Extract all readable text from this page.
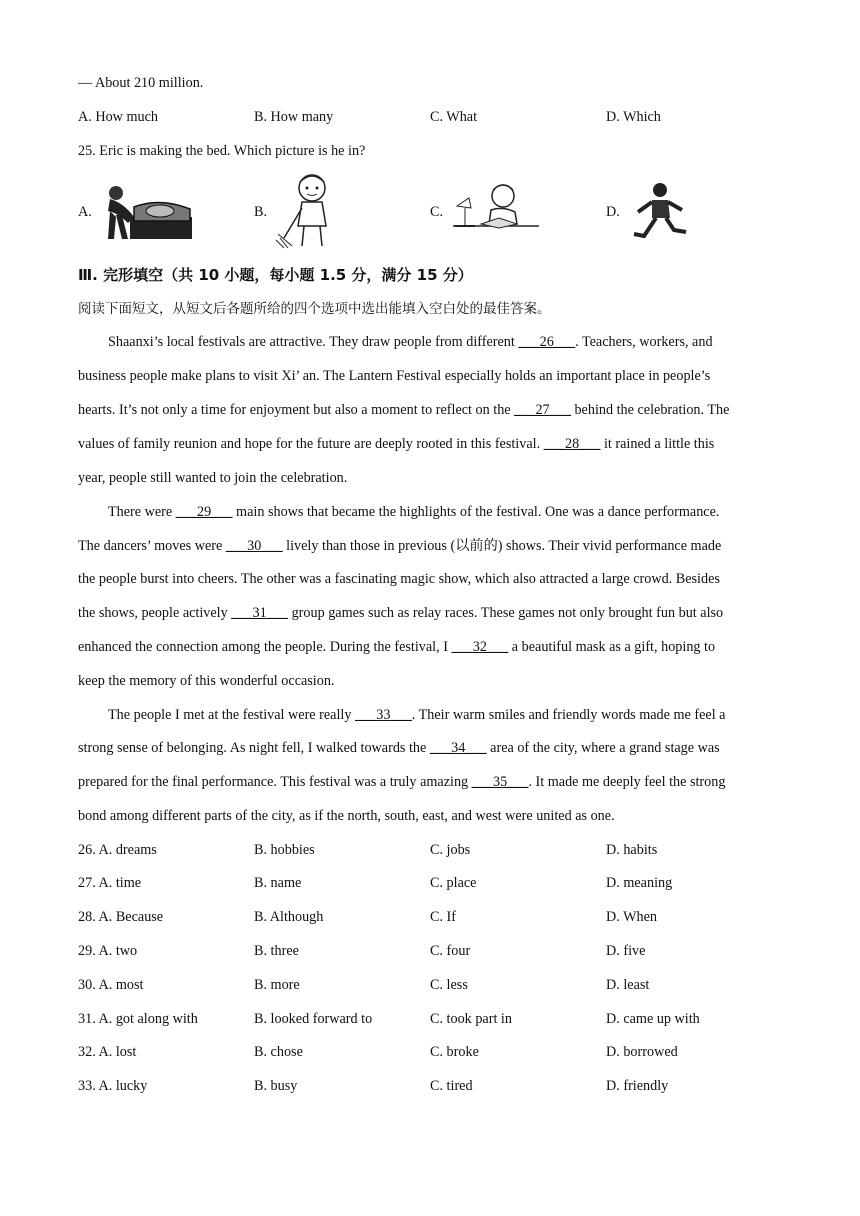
— About 210 million.
A. How much	B. How many	C. What	D. Which
25. Eric is making the bed. Which picture is he in?
A.	B.	C.	D.
Ⅲ. 完形填空（共 10 小题，每小题 1.5 分，满分 15 分）
阅读下面短文，从短文后各题所给的四个选项中选出能填入空白处的最佳答案。
Shaanxi’s local festivals are attractive. They draw people from different ___26___. Teachers, workers, and
business people make plans to visit Xi’ an. The Lantern Festival especially holds an important place in people’s
hearts. It’s not only a time for enjoyment but also a moment to reflect on the ___27___ behind the celebration. The
values of family reunion and hope for the future are deeply rooted in this festival. ___28___ it rained a little this
year, people still wanted to join the celebration.
There were ___29___ main shows that became the highlights of the festival. One was a dance performance.
The dancers’ moves were ___30___ lively than those in previous (以前的) shows. Their vivid performance made
the people burst into cheers. The other was a fascinating magic show, which also attracted a large crowd. Besides
the shows, people actively ___31___ group games such as relay races. These games not only brought fun but also
enhanced the connection among the people. During the festival, I ___32___ a beautiful mask as a gift, hoping to
keep the memory of this wonderful occasion.
The people I met at the festival were really ___33___. Their warm smiles and friendly words made me feel a
strong sense of belonging. As night fell, I walked towards the ___34___ area of the city, where a grand stage was
prepared for the final performance. This festival was a truly amazing ___35___. It made me deeply feel the strong
bond among different parts of the city, as if the north, south, east, and west were united as one.
26. A. dreams	B. hobbies	C. jobs	D. habits
27. A. time	B. name	C. place	D. meaning
28. A. Because	B. Although	C. If	D. When
29. A. two	B. three	C. four	D. five
30. A. most	B. more	C. less	D. least
31. A. got along with	B. looked forward to	C. took part in	D. came up with
32. A. lost	B. chose	C. broke	D. borrowed
33. A. lucky	B. busy	C. tired	D. friendly
